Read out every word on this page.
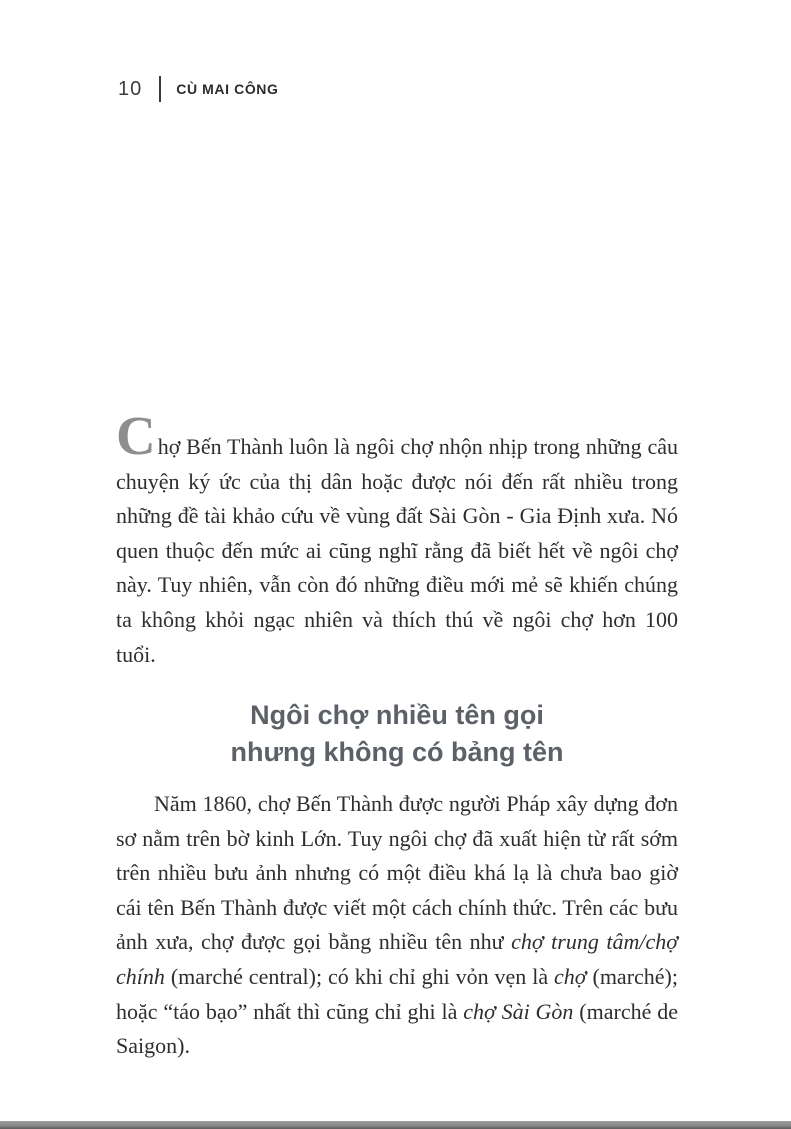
10 CÙ MAI CÔNG

Chợ Bến Thành luôn là ngôi chợ nhộn nhịp trong những câu chuyện ký ức của thị dân hoặc được nói đến rất nhiều trong những đề tài khảo cứu về vùng đất Sài Gòn - Gia Định xưa. Nó quen thuộc đến mức ai cũng nghĩ rằng đã biết hết về ngôi chợ này. Tuy nhiên, vẫn còn đó những điều mới mẻ sẽ khiến chúng ta không khỏi ngạc nhiên và thích thú về ngôi chợ hơn 100 tuổi.

Ngôi chợ nhiều tên gọi
nhưng không có bảng tên

Năm 1860, chợ Bến Thành được người Pháp xây dựng đơn sơ nằm trên bờ kinh Lớn. Tuy ngôi chợ đã xuất hiện từ rất sớm trên nhiều bưu ảnh nhưng có một điều khá lạ là chưa bao giờ cái tên Bến Thành được viết một cách chính thức. Trên các bưu ảnh xưa, chợ được gọi bằng nhiều tên như chợ trung tâm/chợ chính (marché central); có khi chỉ ghi vỏn vẹn là chợ (marché); hoặc “táo bạo” nhất thì cũng chỉ ghi là chợ Sài Gòn (marché de Saigon).
